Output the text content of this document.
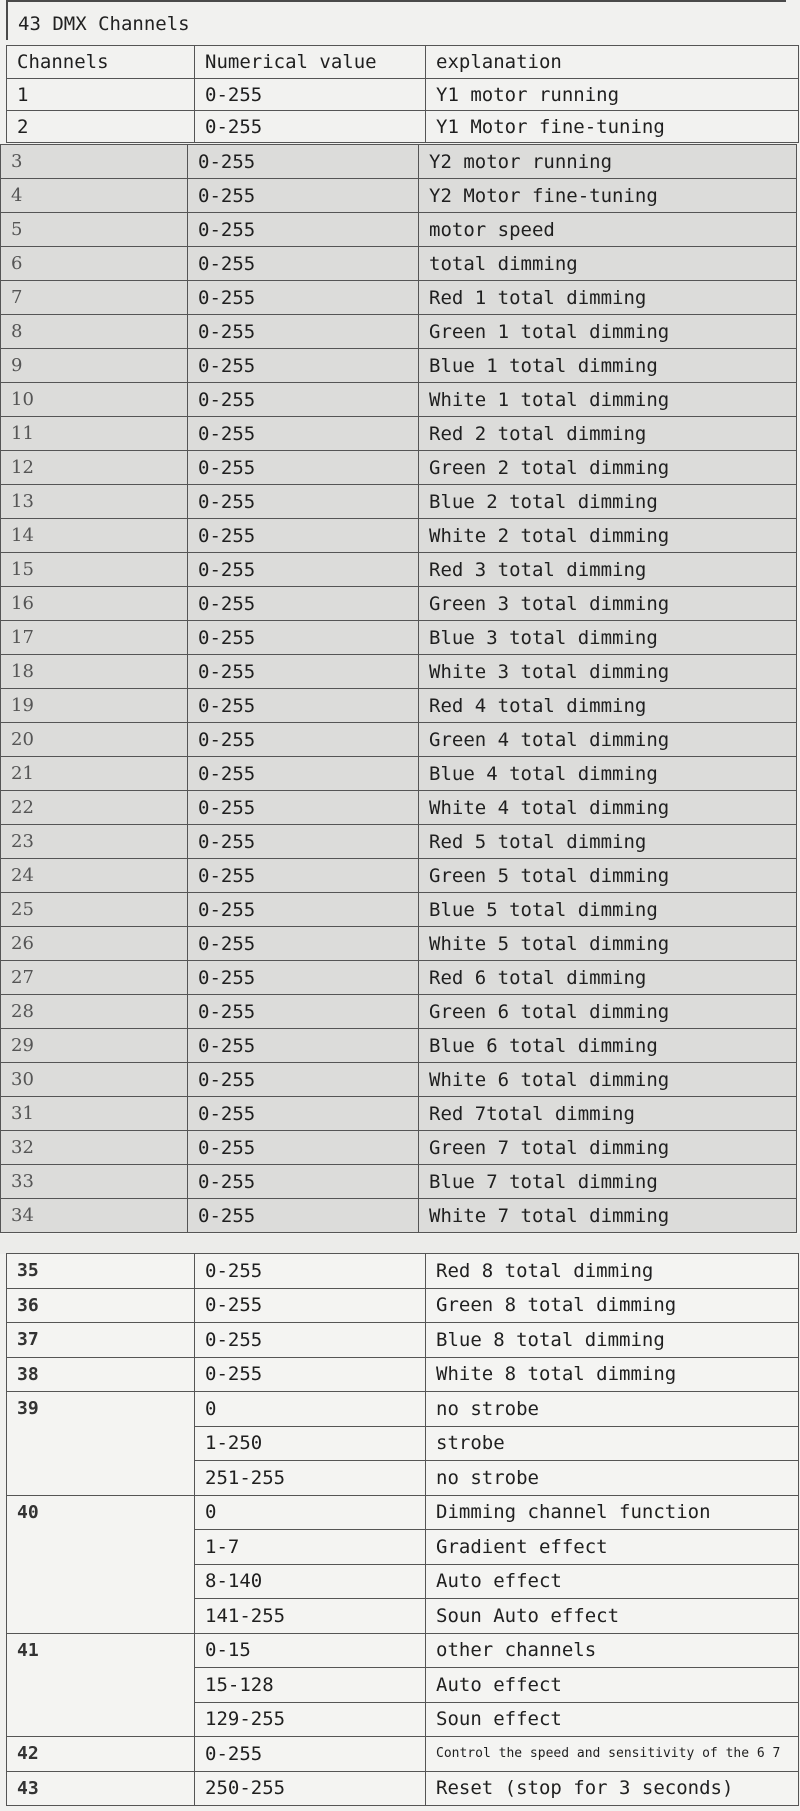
43 DMX Channels
Channels	Numerical value	explanation
1	0-255	Y1 motor running
2	0-255	Y1 Motor fine-tuning
3	0-255	Y2 motor running
4	0-255	Y2 Motor fine-tuning
5	0-255	motor speed
6	0-255	total dimming
7	0-255	Red 1 total dimming
8	0-255	Green 1 total dimming
9	0-255	Blue 1 total dimming
10	0-255	White 1 total dimming
11	0-255	Red 2 total dimming
12	0-255	Green 2 total dimming
13	0-255	Blue 2 total dimming
14	0-255	White 2 total dimming
15	0-255	Red 3 total dimming
16	0-255	Green 3 total dimming
17	0-255	Blue 3 total dimming
18	0-255	White 3 total dimming
19	0-255	Red 4 total dimming
20	0-255	Green 4 total dimming
21	0-255	Blue 4 total dimming
22	0-255	White 4 total dimming
23	0-255	Red 5 total dimming
24	0-255	Green 5 total dimming
25	0-255	Blue 5 total dimming
26	0-255	White 5 total dimming
27	0-255	Red 6 total dimming
28	0-255	Green 6 total dimming
29	0-255	Blue 6 total dimming
30	0-255	White 6 total dimming
31	0-255	Red 7total dimming
32	0-255	Green 7 total dimming
33	0-255	Blue 7 total dimming
34	0-255	White 7 total dimming
35	0-255	Red 8 total dimming
36	0-255	Green 8 total dimming
37	0-255	Blue 8 total dimming
38	0-255	White 8 total dimming
39	0	no strobe
	1-250	strobe
	251-255	no strobe
40	0	Dimming channel function
	1-7	Gradient effect
	8-140	Auto effect
	141-255	Soun Auto effect
41	0-15	other channels
	15-128	Auto effect
	129-255	Soun effect
42	0-255	Control the speed and sensitivity of the 6 7
43	250-255	Reset (stop for 3 seconds)
